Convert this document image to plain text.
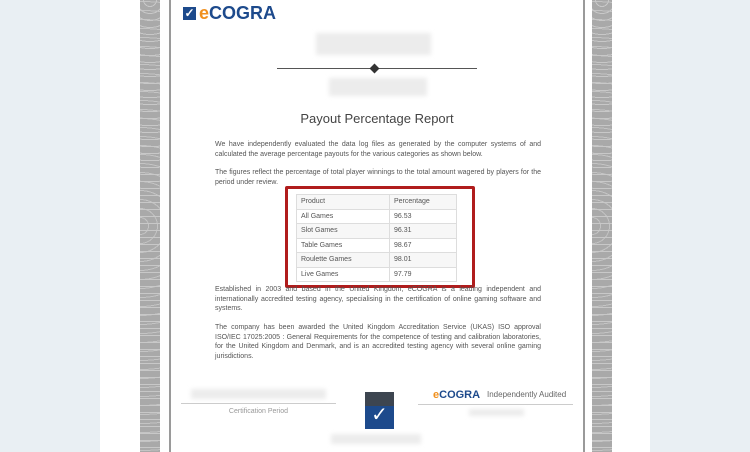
✓ eCOGRA
Payout Percentage Report
We have independently evaluated the data log files as generated by the computer systems of and calculated the average percentage payouts for the various categories as shown below.
The figures reflect the percentage of total player winnings to the total amount wagered by players for the period under review.
Product	Percentage
All Games	96.53
Slot Games	96.31
Table Games	98.67
Roulette Games	98.01
Live Games	97.79
Established in 2003 and based in the United Kingdom, eCOGRA is a leading independent and internationally accredited testing agency, specialising in the certification of online gaming software and systems.
The company has been awarded the United Kingdom Accreditation Service (UKAS) ISO approval ISO/IEC 17025:2005 : General Requirements for the competence of testing and calibration laboratories, for the United Kingdom and Denmark, and is an accredited testing agency with several online gaming jurisdictions.
Certification Period	✓
eCOGRA Independently Audited
